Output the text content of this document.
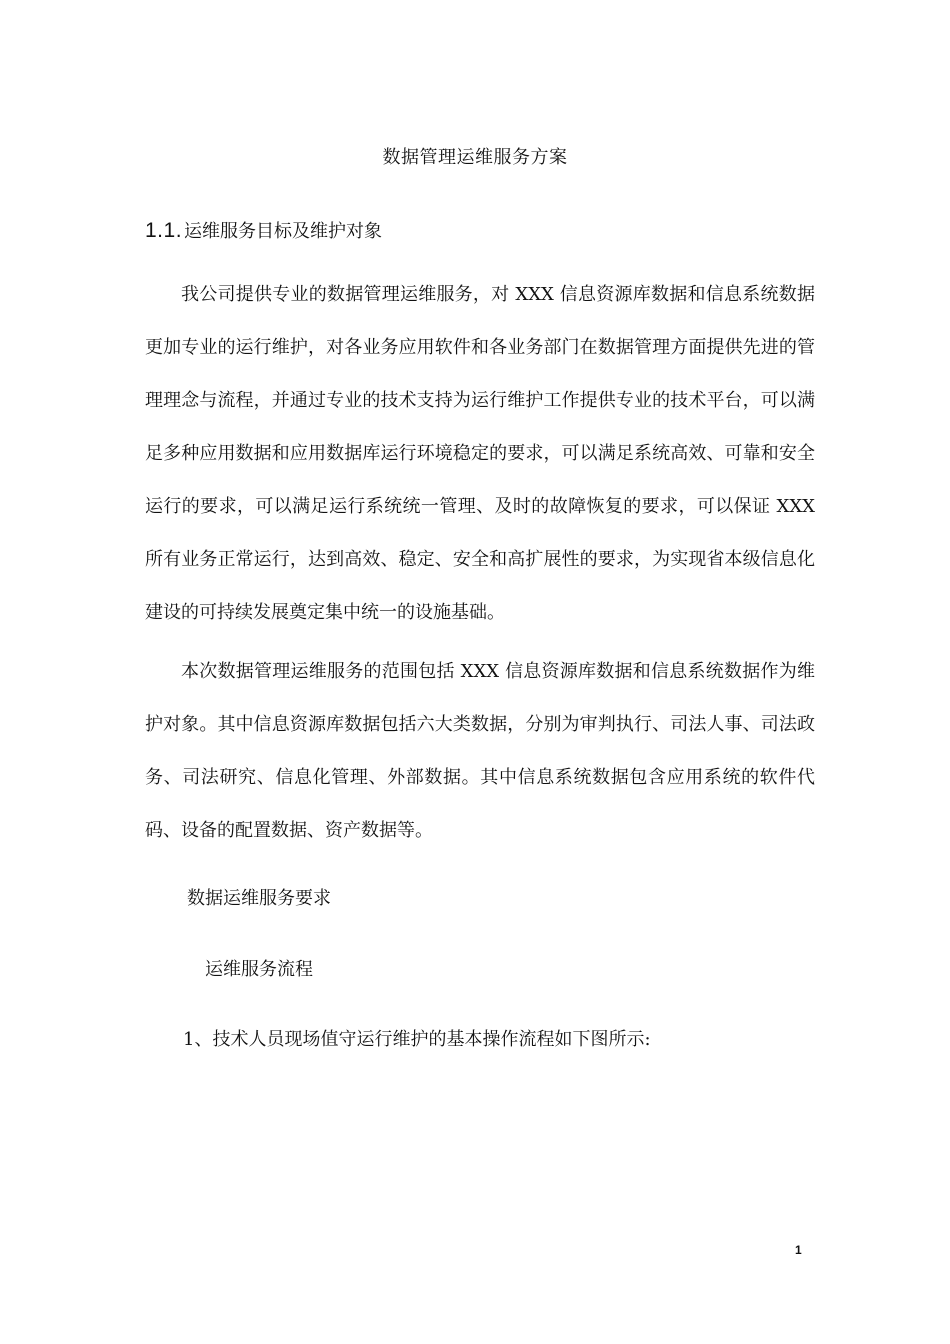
数据管理运维服务方案
1.1. 运维服务目标及维护对象

我公司提供专业的数据管理运维服务，对 XXX 信息资源库数据和信息系统数据更加专业的运行维护，对各业务应用软件和各业务部门在数据管理方面提供先进的管理理念与流程，并通过专业的技术支持为运行维护工作提供专业的技术平台，可以满足多种应用数据和应用数据库运行环境稳定的要求，可以满足系统高效、可靠和安全运行的要求，可以满足运行系统统一管理、及时的故障恢复的要求，可以保证 XXX 所有业务正常运行，达到高效、稳定、安全和高扩展性的要求，为实现省本级信息化建设的可持续发展奠定集中统一的设施基础。

本次数据管理运维服务的范围包括 XXX 信息资源库数据和信息系统数据作为维护对象。其中信息资源库数据包括六大类数据，分别为审判执行、司法人事、司法政务、司法研究、信息化管理、外部数据。其中信息系统数据包含应用系统的软件代码、设备的配置数据、资产数据等。

数据运维服务要求
运维服务流程
1、技术人员现场值守运行维护的基本操作流程如下图所示:
1
